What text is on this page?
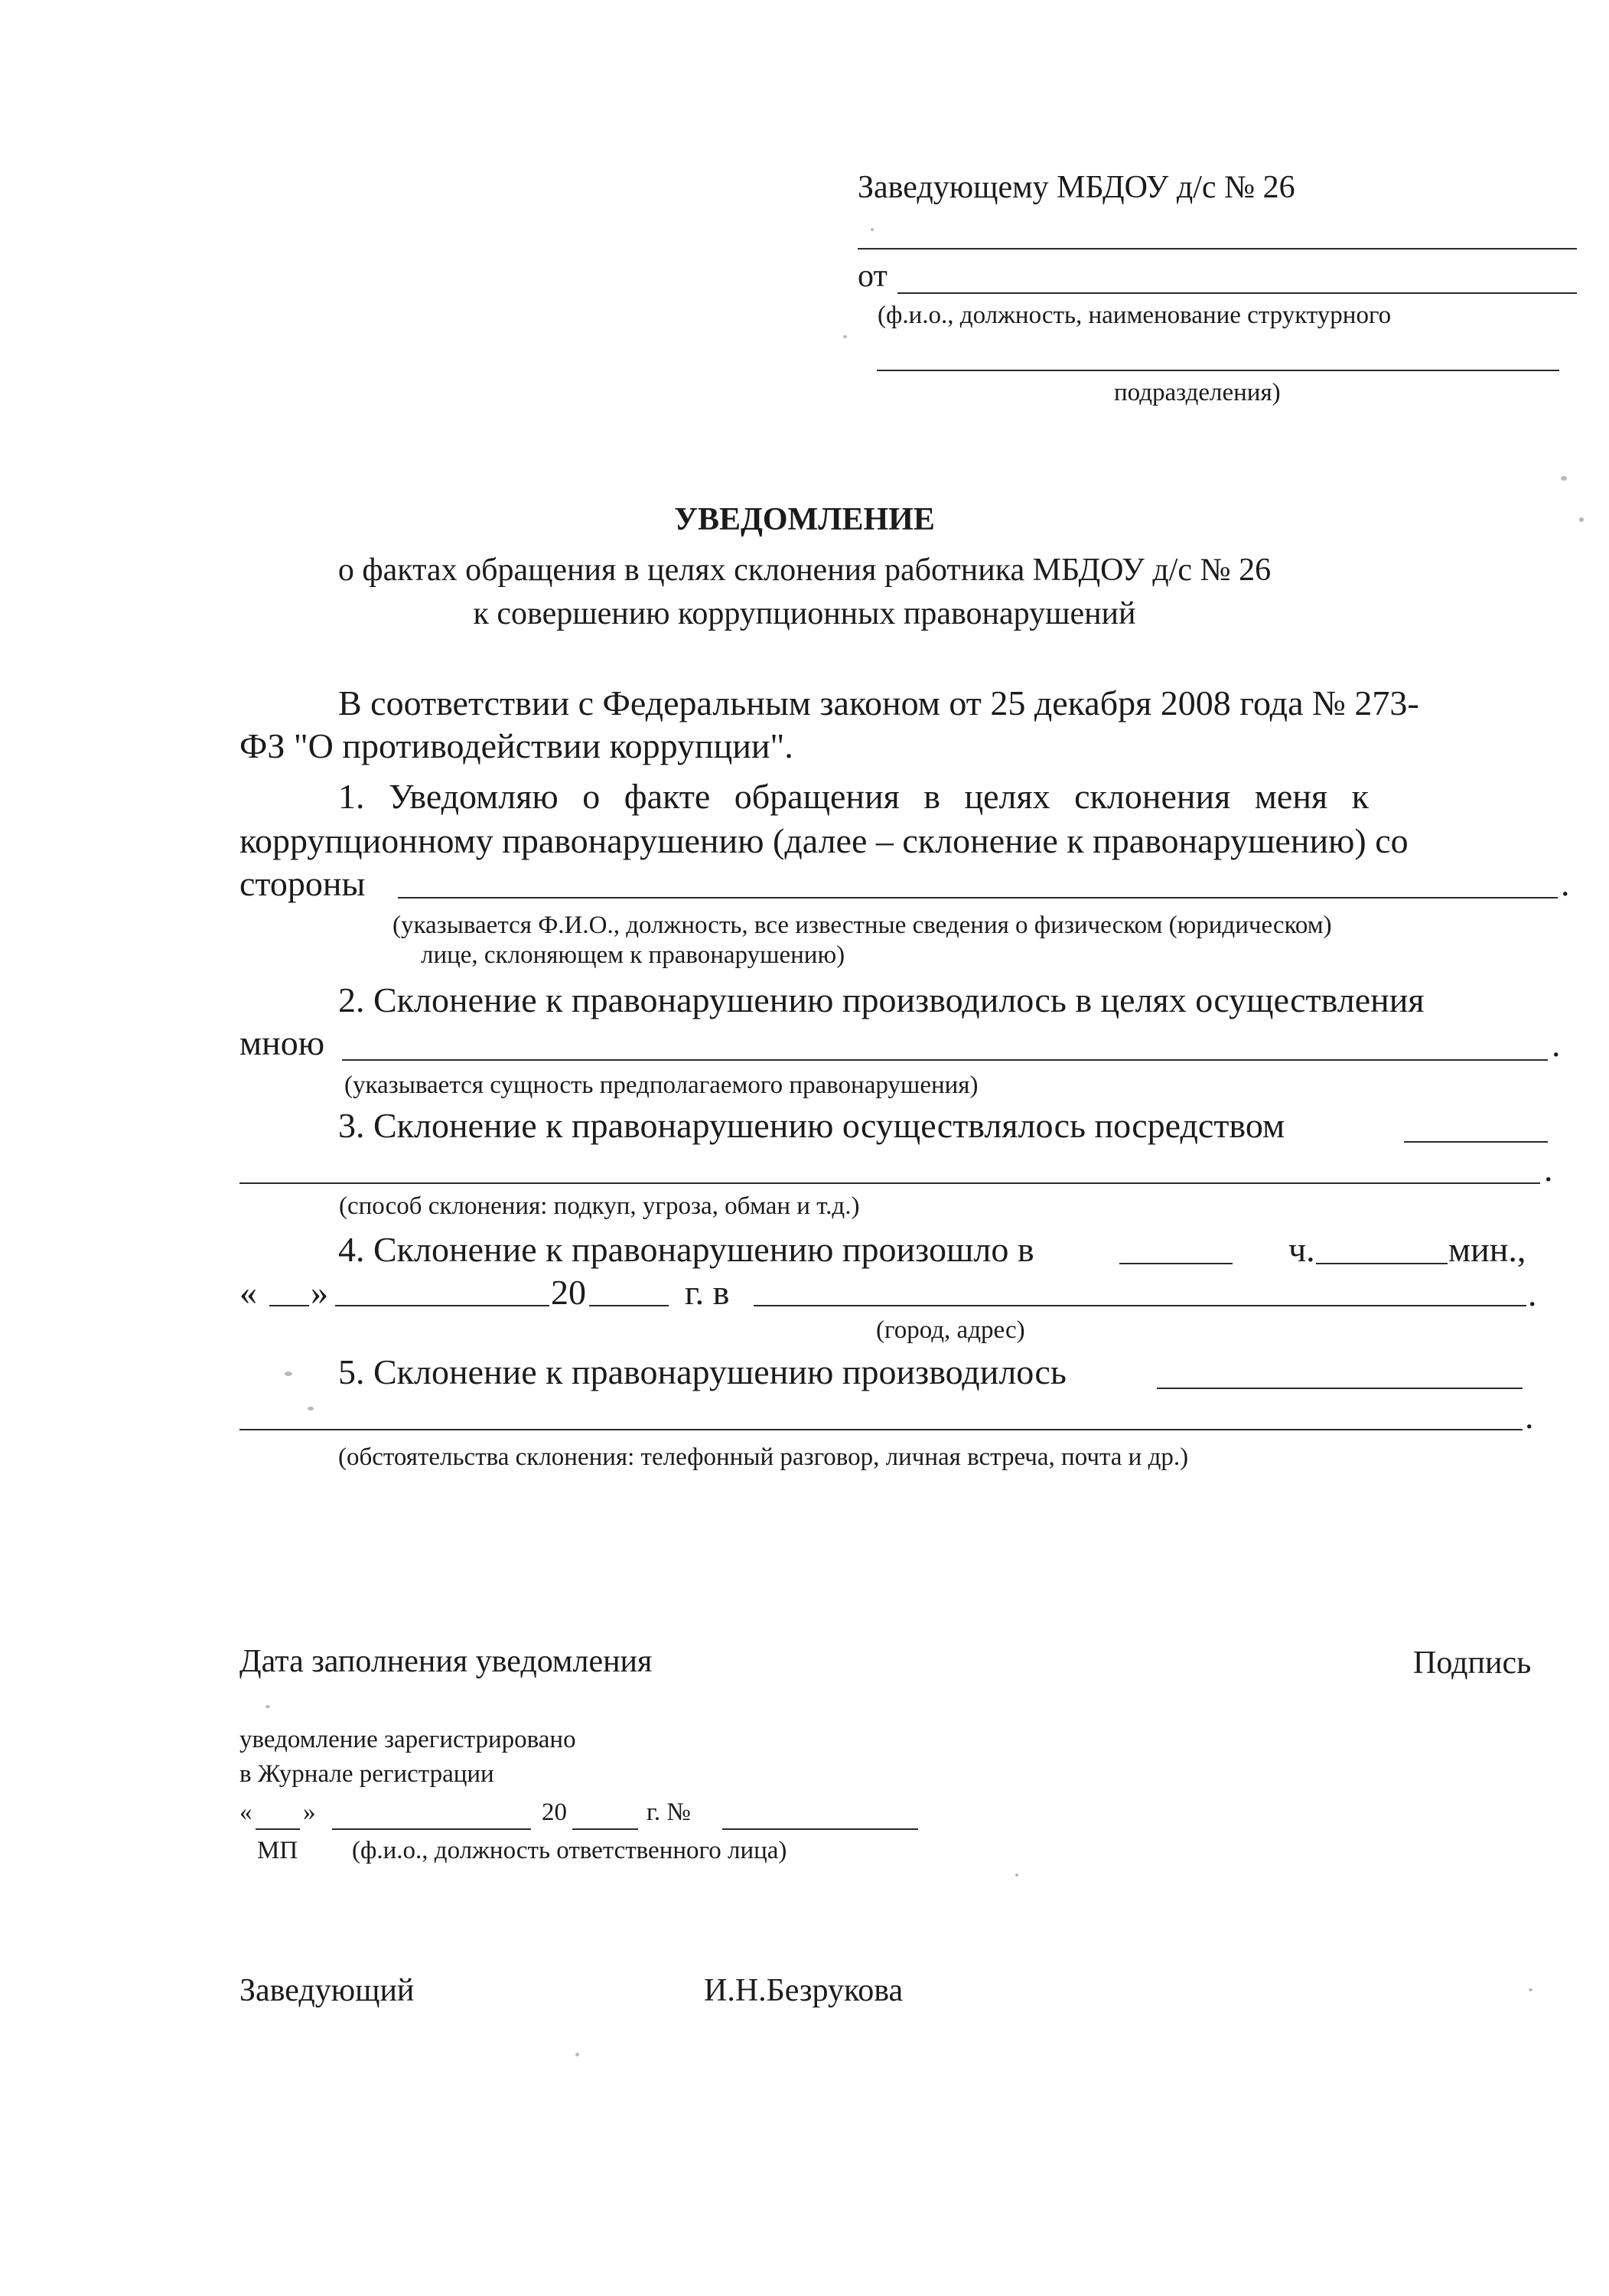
Заведующему МБДОУ д/с № 26
от
(ф.и.о., должность, наименование структурного
подразделения)
УВЕДОМЛЕНИЕ
о фактах обращения в целях склонения работника МБДОУ д/с № 26
к совершению коррупционных правонарушений
В соответствии с Федеральным законом от 25 декабря 2008 года № 273-
ФЗ "О противодействии коррупции".
1. Уведомляю о факте обращения в целях склонения меня к
коррупционному правонарушению (далее – склонение к правонарушению) со
стороны	.
(указывается Ф.И.О., должность, все известные сведения о физическом (юридическом)
лице, склоняющем к правонарушению)
2. Склонение к правонарушению производилось в целях осуществления
мною	.
(указывается сущность предполагаемого правонарушения)
3. Склонение к правонарушению осуществлялось посредством
.
(способ склонения: подкуп, угроза, обман и т.д.)
4. Склонение к правонарушению произошло в	ч.	мин.,
« »	20	г. в	.
(город, адрес)
5. Склонение к правонарушению производилось
.
(обстоятельства склонения: телефонный разговор, личная встреча, почта и др.)
Дата заполнения уведомления	Подпись
уведомление зарегистрировано
в Журнале регистрации
« »	20	г. №
МП (ф.и.о., должность ответственного лица)
Заведующий	И.Н.Безрукова
